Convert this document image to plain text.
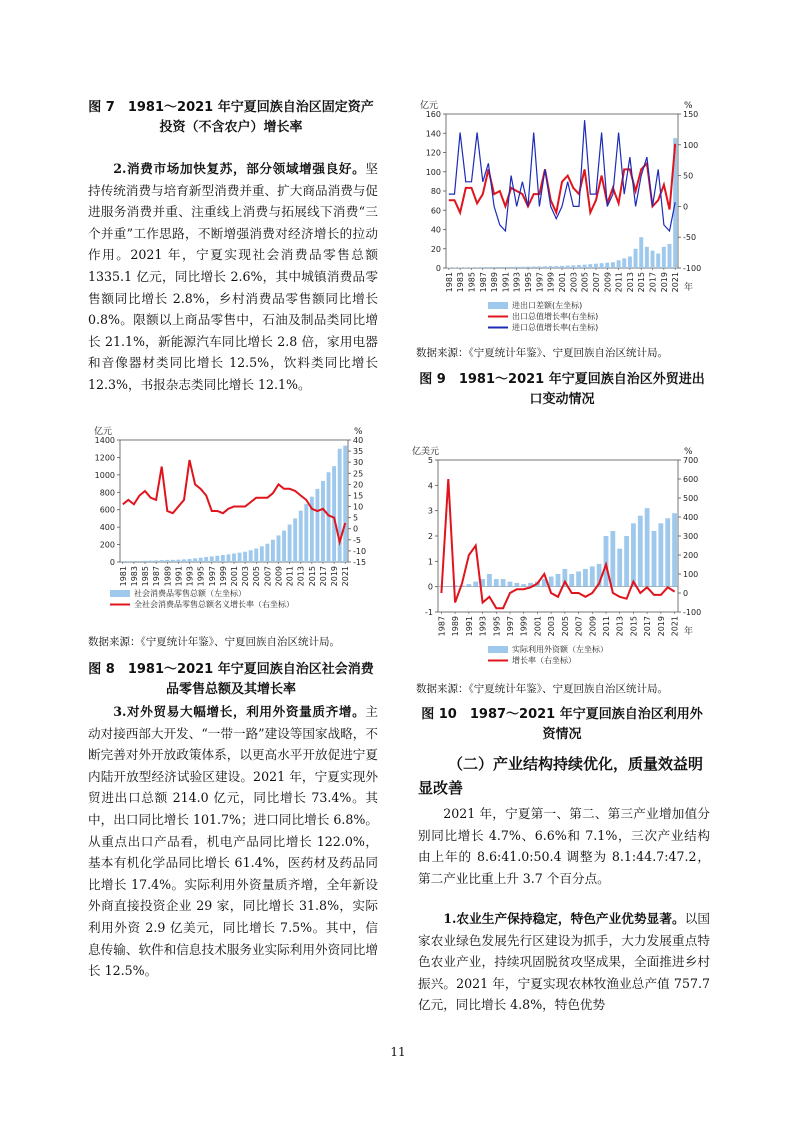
图 7　1981～2021 年宁夏回族自治区固定资产投资（不含农户）增长率

2.消费市场加快复苏，部分领域增强良好。坚持传统消费与培育新型消费并重、扩大商品消费与促进服务消费并重、注重线上消费与拓展线下消费“三个并重”工作思路，不断增强消费对经济增长的拉动作用。2021 年，宁夏实现社会消费品零售总额 1335.1 亿元，同比增长 2.6%，其中城镇消费品零售额同比增长 2.8%，乡村消费品零售额同比增长 0.8%。限额以上商品零售中，石油及制品类同比增长 21.1%，新能源汽车同比增长 2.8 倍，家用电器和音像器材类同比增长 12.5%，饮料类同比增长 12.3%，书报杂志类同比增长 12.1%。

亿元	%
0
200
400
600
800
1000
1200
1400
-15
-10
-5
0
5
10
15
20
25
30
35
40
1981 1983 1985 1987 1989 1991 1993 1995 1997 1999 2001 2003 2005 2007 2009 2011 2013 2015 2017 2019 2021
社会消费品零售总额（左坐标）
全社会消费品零售总额名义增长率（右坐标）
数据来源：《宁夏统计年鉴》、宁夏回族自治区统计局。
图 8　1981～2021 年宁夏回族自治区社会消费品零售总额及其增长率

3.对外贸易大幅增长，利用外资量质齐增。主动对接西部大开发、“一带一路”建设等国家战略，不断完善对外开放政策体系，以更高水平开放促进宁夏内陆开放型经济试验区建设。2021 年，宁夏实现外贸进出口总额 214.0 亿元，同比增长 73.4%。其中，出口同比增长 101.7%；进口同比增长 6.8%。从重点出口产品看，机电产品同比增长 122.0%，基本有机化学品同比增长 61.4%，医药材及药品同比增长 17.4%。实际利用外资量质齐增，全年新设外商直接投资企业 29 家，同比增长 31.8%，实际利用外资 2.9 亿美元，同比增长 7.5%。其中，信息传输、软件和信息技术服务业实际利用外资同比增长 12.5%。

亿元	%
0
20
40
60
80
100
120
140
160
-100
-50
0
50
100
150
1981 1983 1985 1987 1989 1991 1993 1995 1997 1999 2001 2003 2005 2007 2009 2011 2013 2015 2017 2019 2021 年
进出口差额(左坐标)
出口总值增长率(右坐标)
进口总值增长率(右坐标)
数据来源：《宁夏统计年鉴》、宁夏回族自治区统计局。
图 9　1981～2021 年宁夏回族自治区外贸进出口变动情况
亿美元	%
-1
0
1
2
3
4
5
-100
0
100
200
300
400
500
600
700
1987 1989 1991 1993 1995 1997 1999 2001 2003 2005 2007 2009 2011 2013 2015 2017 2019 2021 年
实际利用外资额（左坐标）
增长率（右坐标）
数据来源：《宁夏统计年鉴》、宁夏回族自治区统计局。
图 10　1987～2021 年宁夏回族自治区利用外资情况
（二）产业结构持续优化，质量效益明显改善

2021 年，宁夏第一、第二、第三产业增加值分别同比增长 4.7%、6.6%和 7.1%，三次产业结构由上年的 8.6:41.0:50.4 调整为 8.1:44.7:47.2，第二产业比重上升 3.7 个百分点。

1.农业生产保持稳定，特色产业优势显著。以国家农业绿色发展先行区建设为抓手，大力发展重点特色农业产业，持续巩固脱贫攻坚成果，全面推进乡村振兴。2021 年，宁夏实现农林牧渔业总产值 757.7 亿元，同比增长 4.8%，特色优势

11
